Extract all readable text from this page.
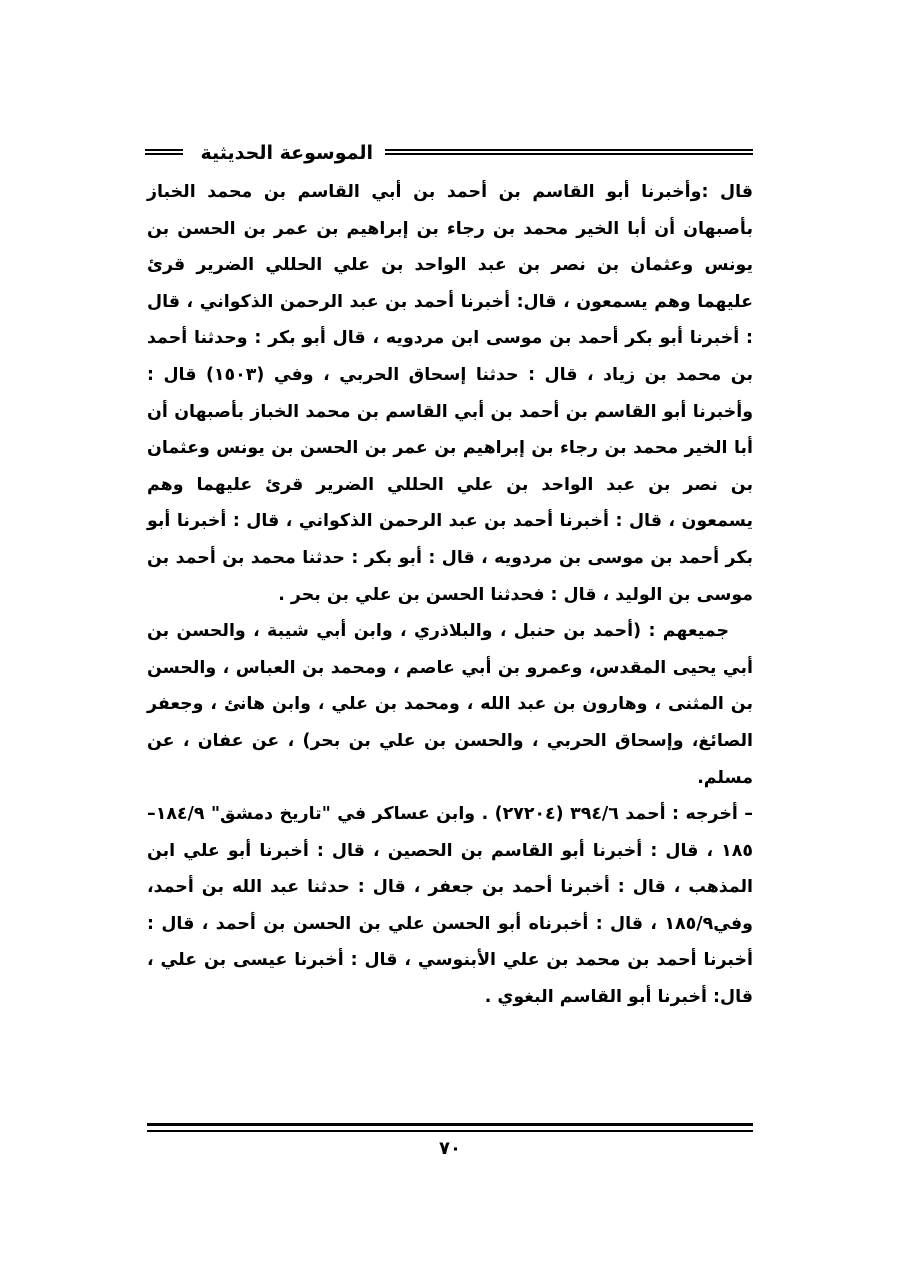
الموسوعة الحديثية

قال :وأخبرنا أبو القاسم بن أحمد بن أبي القاسم بن محمد الخباز بأصبهان أن أبا الخير محمد بن رجاء بن إبراهيم بن عمر بن الحسن بن يونس وعثمان بن نصر بن عبد الواحد بن علي الحللي الضرير قرئ عليهما وهم يسمعون ، قال: أخبرنا أحمد بن عبد الرحمن الذكواني ، قال : أخبرنا أبو بكر أحمد بن موسى ابن مردويه ، قال أبو بكر : وحدثنا أحمد بن محمد بن زياد ، قال : حدثنا إسحاق الحربي ، وفي (١٥٠٣) قال : وأخبرنا أبو القاسم بن أحمد بن أبي القاسم بن محمد الخباز بأصبهان أن أبا الخير محمد بن رجاء بن إبراهيم بن عمر بن الحسن بن يونس وعثمان بن نصر بن عبد الواحد بن علي الحللي الضرير قرئ عليهما وهم يسمعون ، قال : أخبرنا أحمد بن عبد الرحمن الذكواني ، قال : أخبرنا أبو بكر أحمد بن موسى بن مردويه ، قال : أبو بكر : حدثنا محمد بن أحمد بن موسى بن الوليد ، قال : فحدثنا الحسن بن علي بن بحر .

جميعهم : (أحمد بن حنبل ، والبلاذري ، وابن أبي شيبة ، والحسن بن أبي يحيى المقدس، وعمرو بن أبي عاصم ، ومحمد بن العباس ، والحسن بن المثنى ، وهارون بن عبد الله ، ومحمد بن علي ، وابن هانئ ، وجعفر الصائغ، وإسحاق الحربي ، والحسن بن علي بن بحر) ، عن عفان ، عن مسلم.

– أخرجه : أحمد ٣٩٤/٦ (٢٧٢٠٤) . وابن عساكر في "تاريخ دمشق" ١٨٤/٩–١٨٥ ، قال : أخبرنا أبو القاسم بن الحصين ، قال : أخبرنا أبو علي ابن المذهب ، قال : أخبرنا أحمد بن جعفر ، قال : حدثنا عبد الله بن أحمد، وفي١٨٥/٩ ، قال : أخبرناه أبو الحسن علي بن الحسن بن أحمد ، قال : أخبرنا أحمد بن محمد بن علي الأبنوسي ، قال : أخبرنا عيسى بن علي ، قال: أخبرنا أبو القاسم البغوي .

٧٠
